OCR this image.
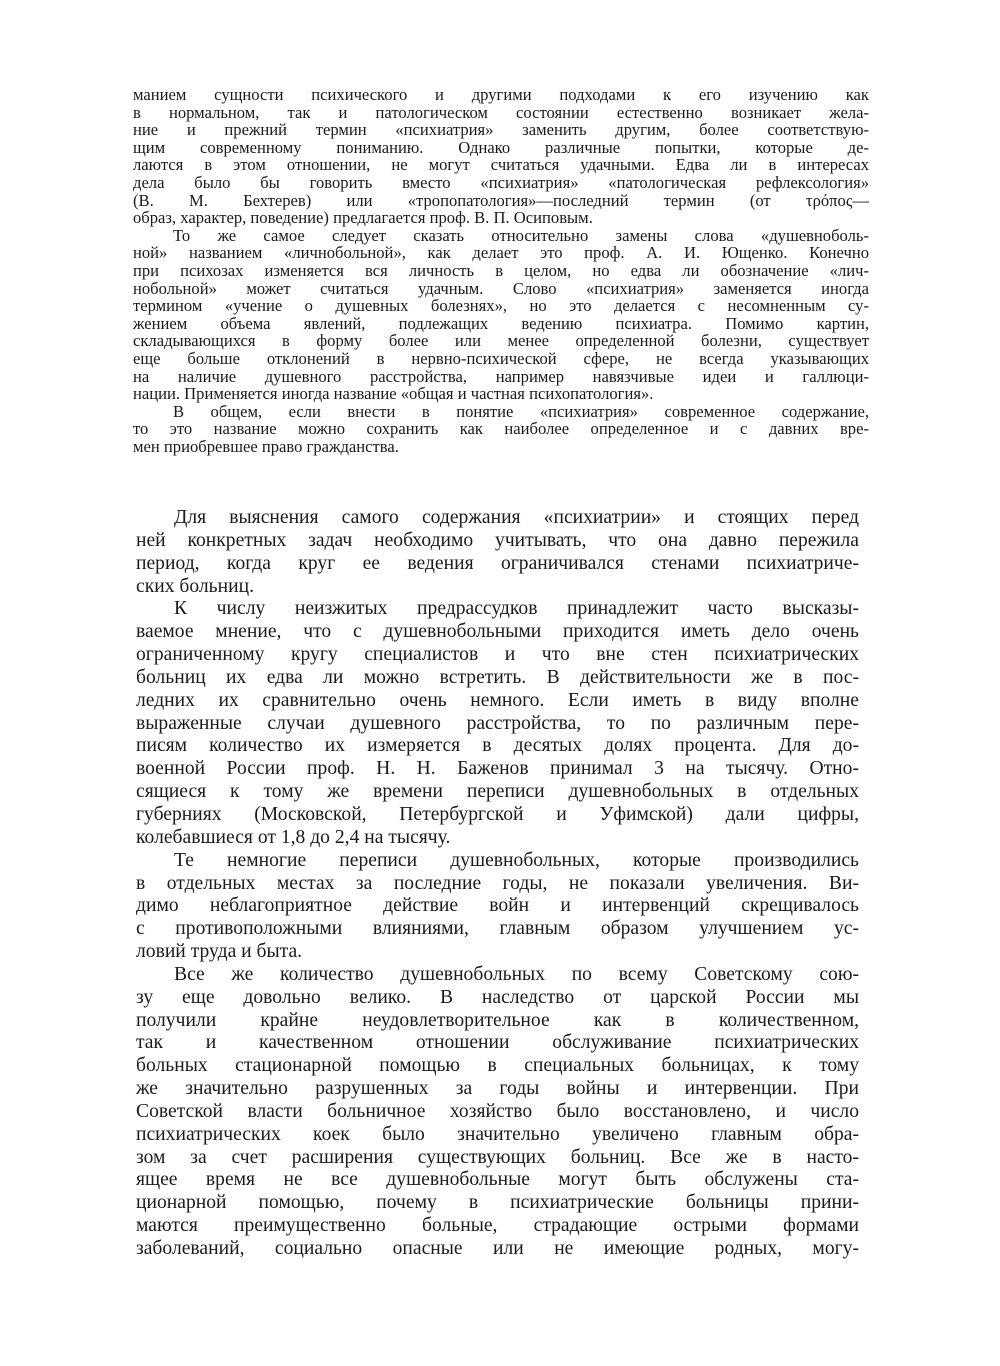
манием сущности психического и другими подходами к его изучению как
в нормальном, так и патологическом состоянии естественно возникает жела-
ние и прежний термин «психиатрия» заменить другим, более соответствую-
щим современному пониманию. Однако различные попытки, которые де-
лаются в этом отношении, не могут считаться удачными. Едва ли в интересах
дела было бы говорить вместо «психиатрия» «патологическая рефлексология»
(В. М. Бехтерев) или «тропопатология»—последний термин (от τρόπος—
образ, характер, поведение) предлагается проф. В. П. Осиповым.
То же самое следует сказать относительно замены слова «душевноболь-
ной» названием «личнобольной», как делает это проф. А. И. Ющенко. Конечно
при психозах изменяется вся личность в целом, но едва ли обозначение «лич-
нобольной» может считаться удачным. Слово «психиатрия» заменяется иногда
термином «учение о душевных болезнях», но это делается с несомненным су-
жением объема явлений, подлежащих ведению психиатра. Помимо картин,
складывающихся в форму более или менее определенной болезни, существует
еще больше отклонений в нервно-психической сфере, не всегда указывающих
на наличие душевного расстройства, например навязчивые идеи и галлюци-
нации. Применяется иногда название «общая и частная психопатология».
В общем, если внести в понятие «психиатрия» современное содержание,
то это название можно сохранить как наиболее определенное и с давних вре-
мен приобревшее право гражданства.
Для выяснения самого содержания «психиатрии» и стоящих перед
ней конкретных задач необходимо учитывать, что она давно пережила
период, когда круг ее ведения ограничивался стенами психиатриче-
ских больниц.
К числу неизжитых предрассудков принадлежит часто высказы-
ваемое мнение, что с душевнобольными приходится иметь дело очень
ограниченному кругу специалистов и что вне стен психиатрических
больниц их едва ли можно встретить. В действительности же в пос-
ледних их сравнительно очень немного. Если иметь в виду вполне
выраженные случаи душевного расстройства, то по различным пере-
писям количество их измеряется в десятых долях процента. Для до-
военной России проф. Н. Н. Баженов принимал 3 на тысячу. Отно-
сящиеся к тому же времени переписи душевнобольных в отдельных
губерниях (Московской, Петербургской и Уфимской) дали цифры,
колебавшиеся от 1,8 до 2,4 на тысячу.
Те немногие переписи душевнобольных, которые производились
в отдельных местах за последние годы, не показали увеличения. Ви-
димо неблагоприятное действие войн и интервенций скрещивалось
с противоположными влияниями, главным образом улучшением ус-
ловий труда и быта.
Все же количество душевнобольных по всему Советскому сою-
зу еще довольно велико. В наследство от царской России мы
получили крайне неудовлетворительное как в количественном,
так и качественном отношении обслуживание психиатрических
больных стационарной помощью в специальных больницах, к тому
же значительно разрушенных за годы войны и интервенции. При
Советской власти больничное хозяйство было восстановлено, и число
психиатрических коек было значительно увеличено главным обра-
зом за счет расширения существующих больниц. Все же в насто-
ящее время не все душевнобольные могут быть обслужены ста-
ционарной помощью, почему в психиатрические больницы прини-
маются преимущественно больные, страдающие острыми формами
заболеваний, социально опасные или не имеющие родных, могу-
